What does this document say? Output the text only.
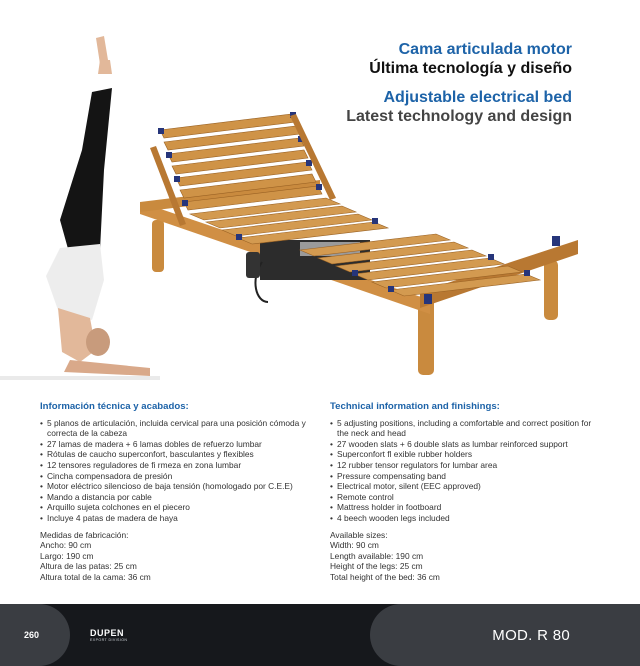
Cama articulada motor
Última tecnología y diseño
Adjustable electrical bed
Latest technology and design
Información técnica y acabados:
• 5 planos de articulación, incluida cervical para una posición cómoda y correcta de la cabeza
• 27 lamas de madera + 6 lamas dobles de refuerzo lumbar
• Rótulas de caucho superconfort, basculantes y flexibles
• 12 tensores reguladores de fi rmeza en zona lumbar
• Cincha compensadora de presión
• Motor eléctrico silencioso de baja tensión (homologado por C.E.E)
• Mando a distancia por cable
• Arquillo sujeta colchones en el piecero
• Incluye 4 patas de madera de haya
Medidas de fabricación:
Ancho: 90 cm
Largo: 190 cm
Altura de las patas: 25 cm
Altura total de la cama: 36 cm
Technical information and finishings:
• 5 adjusting positions, including a comfortable and correct position for the neck and head
• 27 wooden slats + 6 double slats as lumbar reinforced support
• Superconfort fl exible rubber holders
• 12 rubber tensor regulators for lumbar area
• Pressure compensating band
• Electrical motor, silent (EEC approved)
• Remote control
• Mattress holder in footboard
• 4 beech wooden legs included
Available sizes:
Width: 90 cm
Length available: 190 cm
Height of the legs: 25 cm
Total height of the bed: 36 cm
260	DUPEN
EXPORT DIVISION	MOD. R 80
